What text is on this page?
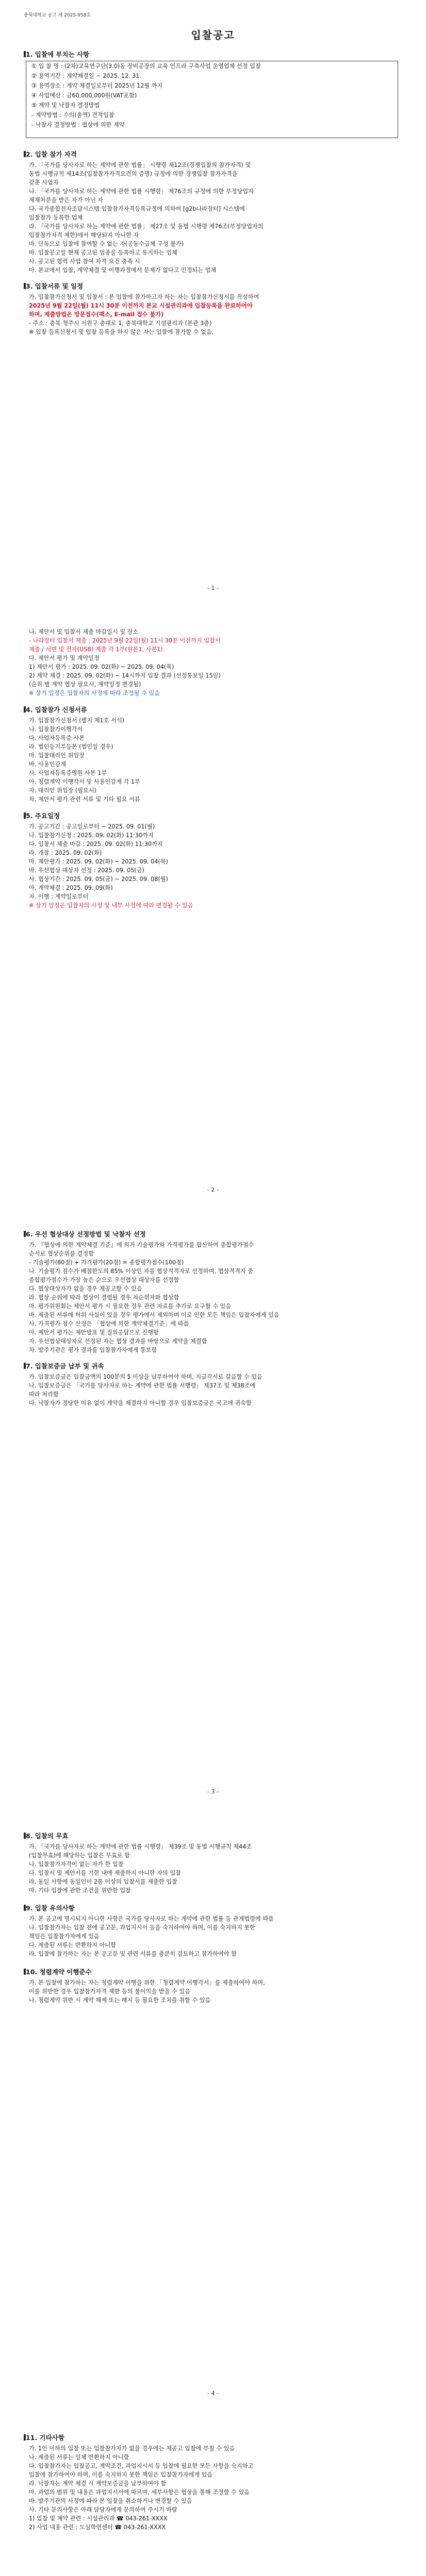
충북대학교 공고 제 2025-958호
입찰공고
1. 입찰에 부치는 사항
① 입 찰 명 : (2차)교육연구단(3.0)동 장비공장의 교육 인프라 구축사업 운영업체 선정 입찰
② 용역기간 : 계약체결일 ~ 2025. 12. 31.
③ 용역장소 : 계약 체결일로부터 2025년 12월 까지
④ 사업예산 : 금60,000,000원(VAT포함)
⑤ 계약 및 낙찰자 결정방법
- 계약방법 : 수의(총액) 견적입찰
- 낙찰자 결정방법 : 협상에 의한 계약
2. 입찰 참가 자격
가. 「국가를 당사자로 하는 계약에 관한 법률」 시행령 제12조(경쟁입찰의 참가자격) 및
동법 시행규칙 제14조(입찰참가자격요건의 증명) 규정에 의한 경쟁입찰 참가자격을
갖춘 사업자
나. 「국가를 당사자로 하는 계약에 관한 법률 시행령」 제76조의 규정에 의한 부정당업자
제재처분을 받은 자가 아닌 자
다. 국가종합전자조달시스템 입찰참가자격등록규정에 의하여 [g2b나라장터] 시스템에
입찰참가 등록한 업체
라. 「국가를 당사자로 하는 계약에 관한 법률」 제27조 및 동법 시행령 제76조(부정당업자의
입찰참가자격 제한)에서 해당되지 아니한 자
마. 단독으로 입찰에 참여할 수 없는 자(공동수급체 구성 불가)
바. 입찰공고일 현재 공고된 업종을 등록하고 유지하는 업체
사. 공고된 협력 사업 참여 자격 요건 충족 시
아. 본교에서 입찰, 계약체결 및 이행과정에서 문제가 없다고 인정되는 업체
3. 입찰서류 및 일정
가. 입찰참가신청서 및 입찰서 : 본 입찰에 참가하고자 하는 자는 입찰참가신청서를 작성하여
2025년 9월 22일(월) 11시 30분 이전까지 본교 시설관리과에 입찰등록을 완료하여야
하며, 제출방법은 방문접수(팩스, E-mail 접수 불가)
- 주소 : 충북 청주시 서원구 충대로 1, 충북대학교 시설관리과 (본관 3층)
※ 입찰 등록신청서 및 입찰 등록을 하지 않은 자는 입찰에 참가할 수 없음.
- 1 -
나. 제안서 및 입찰서 제출 마감일시 및 장소
- 나라장터 입찰서 제출 : 2025년 9월 22일(월) 11시 30분 이전까지 입찰서
제출 / 서면 및 전자(USB) 제출 각 1부(원본1, 사본1)
다. 제안서 평가 및 계약일정
1) 제안서 평가 : 2025. 09. 02(화) ~ 2025. 09. 04(목)
2) 계약 체결 : 2025. 09. 02(화) ~ 14시까지 입찰 결과 (선정통보일 15일)
(순위 별 계약 협상 필요시, 계약일정 변경됨)
※ 상기 일정은 입찰자의 사정에 따라 조정될 수 있음
4. 입찰참가 신청서류
가. 입찰참가신청서 (별지 제1호 서식)
나. 입찰참가이행각서
다. 사업자등록증 사본
라. 법인등기부등본 (법인일 경우)
마. 입찰대리인 위임장
바. 사용인감계
사. 사업자등록증명원 사본 1부
아. 청렴계약 이행각서 및 사용인감계 각 1부
자. 대리인 위임장 (필요시)
차. 제안서 평가 관련 서류 및 기타 필요 서류
5. 주요일정
가. 공고기간 : 공고일로부터 ~ 2025. 09. 01(월)
나. 입찰참가신청 : 2025. 09. 02(화) 11:30까지
다. 입찰서 제출 마감 : 2025. 09. 02(화) 11:30까지
라. 개찰 : 2025. 09. 02(화)
마. 제안평가 : 2025. 09. 02(화) ~ 2025. 09. 04(목)
바. 우선협상 대상자 선정 : 2025. 09. 05(금)
사. 협상기간 : 2025. 09. 05(금) ~ 2025. 09. 08(월)
아. 계약체결 : 2025. 09. 09(화)
자. 이행 : 계약일로부터
※ 상기 일정은 입찰자의 사정 및 내부 사정에 따라 변경될 수 있음
- 2 -
6. 우선 협상대상 선정방법 및 낙찰자 선정
가. 『협상에 의한 계약체결 기준』에 의거 기술평가와 가격평가를 합산하여 종합평가점수
순서로 협상순위를 결정함
- 기술평가(80점) + 가격평가(20점) = 종합평가점수(100점)
나. 기술평가 점수가 배점한도의 85% 이상인 자를 협상적격자로 선정하며, 협상적격자 중
종합평가점수가 가장 높은 순으로 우선협상 대상자를 선정함
다. 협상대상자가 없을 경우 재공고할 수 있음
라. 협상 순위에 따라 협상이 결렬될 경우 차순위자와 협상함
마. 평가위원회는 제안서 평가 시 필요한 경우 관련 자료를 추가로 요구할 수 있음
바. 제출된 서류에 허위 사실이 있을 경우 평가에서 제외하며 이로 인한 모든 책임은 입찰자에게 있음
사. 가격평가 점수 산정은 「협상에 의한 계약체결기준」에 따름
아. 제안서 평가는 제안발표 및 질의응답으로 진행함
자. 우선협상대상자로 선정된 자는 협상 결과를 바탕으로 계약을 체결함
차. 발주기관은 평가 결과를 입찰참가자에게 통보함
7. 입찰보증금 납부 및 귀속
가. 입찰보증금은 입찰금액의 100분의 5 이상을 납부하여야 하며, 지급각서로 갈음할 수 있음
나. 입찰보증금은 「국가를 당사자로 하는 계약에 관한 법률 시행령」 제37조 및 제38조에
따라 처리함
다. 낙찰자가 정당한 이유 없이 계약을 체결하지 아니할 경우 입찰보증금은 국고에 귀속함
- 3 -
8. 입찰의 무효
가. 「국가를 당사자로 하는 계약에 관한 법률 시행령」 제39조 및 동법 시행규칙 제44조
(입찰무효)에 해당하는 입찰은 무효로 함
나. 입찰참가자격이 없는 자가 한 입찰
다. 입찰서 및 제안서를 기한 내에 제출하지 아니한 자의 입찰
라. 동일 사항에 동일인이 2통 이상의 입찰서를 제출한 입찰
마. 기타 입찰에 관한 조건을 위반한 입찰
9. 입찰 유의사항
가. 본 공고에 명시되지 아니한 사항은 국가를 당사자로 하는 계약에 관한 법률 등 관계법령에 따름
나. 입찰참가자는 입찰 전에 공고문, 과업지시서 등을 숙지하여야 하며, 이를 숙지하지 못한
책임은 입찰참가자에게 있음
다. 제출된 서류는 반환하지 아니함
라. 입찰에 참가하는 자는 본 공고문 및 관련 서류를 충분히 검토하고 참가하여야 함
10. 청렴계약 이행준수
가. 본 입찰에 참가하는 자는 청렴계약 이행을 위한 「청렴계약 이행각서」를 제출하여야 하며,
이를 위반한 경우 입찰참가자격 제한 등의 불이익을 받을 수 있음
나. 청렴계약 위반 시 계약 해제 또는 해지 등 필요한 조치를 취할 수 있음
- 4 -
11. 기타사항
가. 1인 이하의 입찰 또는 입찰참가자가 없을 경우에는 재공고 입찰에 부칠 수 있음
나. 제출된 서류는 일체 반환하지 아니함
다. 입찰참가자는 입찰공고, 계약조건, 과업지시서 등 입찰에 필요한 모든 사항을 숙지하고
입찰에 참가하여야 하며, 이를 숙지하지 못한 책임은 입찰참가자에게 있음
라. 낙찰자는 계약 체결 시 계약보증금을 납부하여야 함
마. 과업의 범위 및 내용은 과업지시서에 따르며, 세부사항은 협상을 통해 조정할 수 있음
바. 발주기관의 사정에 따라 본 입찰을 취소하거나 변경할 수 있음
사. 기타 문의사항은 아래 담당자에게 문의하여 주시기 바람
1) 입찰 및 계약 관련 : 시설관리과 ☎ 043-261-XXXX
2) 사업 내용 관련 : 도심학연센터 ☎ 043-261-XXXX
